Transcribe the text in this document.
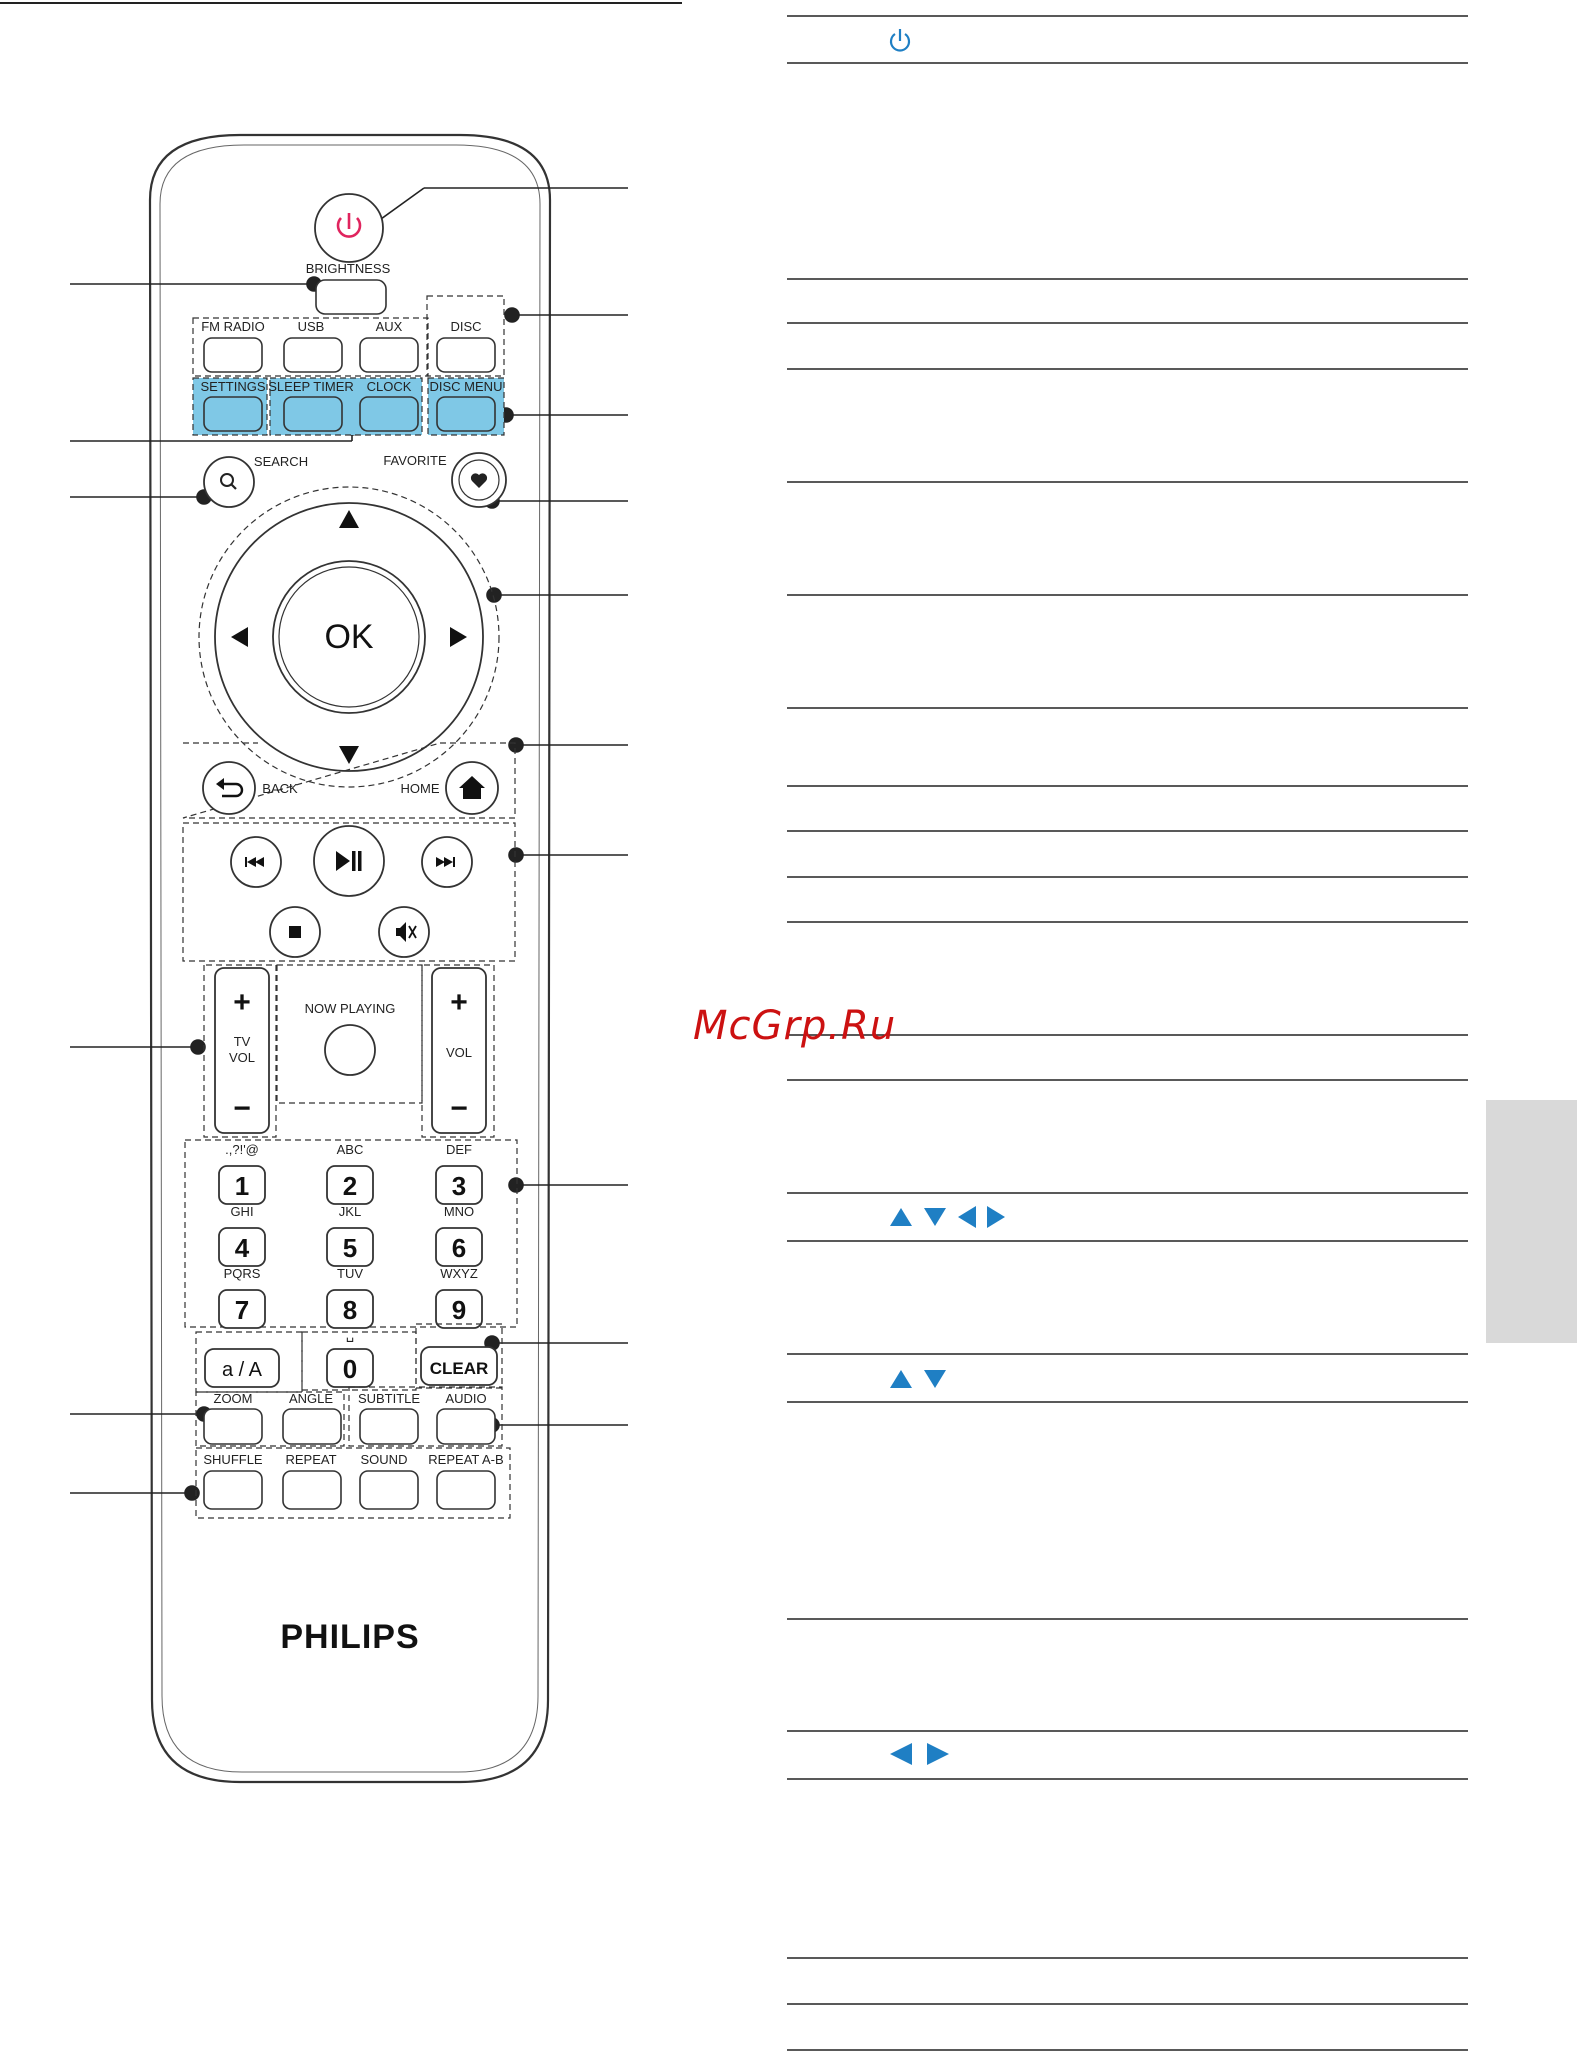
BRIGHTNESS
FM RADIO	USB	AUX	DISC
SETTINGS SLEEP TIMER CLOCK DISC MENU
SEARCH	FAVORITE
OK
BACK	HOME
+
TV
VOL
−
NOW PLAYING +
VOL
−
.,?!'@
1
ABC
2
DEF
3
GHI
4
JKL
5
MNO
6
PQRS
7
TUV
8
WXYZ
9
␣
0
a / A	CLEAR
ZOOM	ANGLE SUBTITLE AUDIO
SHUFFLE REPEAT SOUND REPEAT A-B
PHILIPS
McGrp.Ru
